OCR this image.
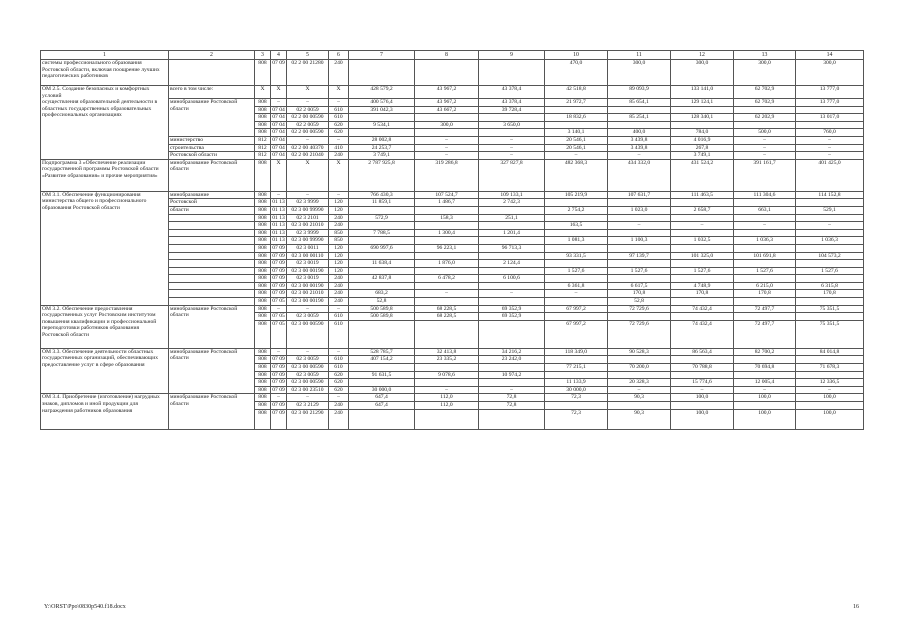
1	2	3	4	5	6	7	8	9	10	11	12	13	14
системы профессионального образования Ростовской области, включая поощрение лучших педагогических работников		808	07 09	02 2 00 21280	240				470,0	300,0	300,0	300,0	300,0

ОМ 2.5. Создание безопасных и комфортных условий
осуществления образовательной деятельности в областных государственных образовательных профессиональных организациях	всего в том числе:	X	X	X	X	428 579,2	43 967,2	43 378,4	42 518,8	89 093,9	133 141,0	62 702,9	13 777,0
	минобразование Ростовской области	808	–	–	–	400 576,4	43 967,2	43 378,4	21 972,7	85 654,1	129 124,1	62 702,9	13 777,0
		808	07 04	02 2 0059	610	391 042,3	43 667,2	39 728,4					
		808	07 04	02 2 00 00590	610				18 832,6	85 254,1	128 340,1	62 202,9	13 017,0
		808	07 04	02 2 0059	620	9 534,1	300,0	3 650,0					
		808	07 04	02 2 00 00590	620				3 140,1	400,0	784,0	500,0	760,0
	министерство	812	07 04	–	–	28 002,8	–	–	20 546,1	3 439,8	4 016,9	–	–
	строительства	812	07 04	02 2 00 40370	410	24 253,7	–	–	20 546,1	3 439,8	267,8	–	–
	Ростовской области	812	07 04	02 2 00 21040	240	3 749,1	–	–	–	–	3 749,1	–	–
Подпрограмма 3 «Обеспечение реализации государственной программы Ростовской области «Развитие образования» и прочие мероприятия»	минобразование Ростовской области	808	X	X	X	2 787 925,8	319 286,8	327 827,8	482 368,3	434 332,0	431 524,2	391 161,7	401 425,0
ОМ 3.1. Обеспечение функционирования министерства общего и профессионального образования Ростовской области	минобразование	808	–	–	–	766 430,3	107 524,7	109 133,1	105 219,9	107 631,7	111 463,5	111 304,6	114 152,8
	Ростовской	808	01 13	02 3 9999	120	11 859,1	1 486,7	2 742,3					
	области	808	01 13	02 3 00 99990	120				2 754,2	1 023,0	2 658,7	663,1	529,1
		808	01 13	02 3 2101	240	572,9	158,3	251,1					
		808	01 13	02 3 00 21010	240				163,5	–	–	–	–
		808	01 13	02 3 9999	850	7 788,5	1 300,4	1 201,4					
		808	01 13	02 3 00 99990	850				1 081,3	1 100,3	1 032,5	1 036,3	1 036,3
		808	07 09	02 3 0011	120	690 997,6	96 223,1	96 713,3					
		808	07 09	02 3 00 00110	120				93 331,5	97 139,7	101 325,0	101 691,8	104 573,2
		808	07 09	02 3 0019	120	11 638,4	1 876,0	2 124,4					
		808	07 09	02 3 00 00190	120				1 527,6	1 527,6	1 527,6	1 527,6	1 527,6
		808	07 09	02 3 0019	240	42 837,8	6 478,2	6 100,6					
		808	07 09	02 3 00 00190	240				6 361,8	6 617,5	4 748,9	6 215,0	6 315,8
		808	07 09	02 3 00 21010	240	683,2	–	–	–	170,8	170,8	170,8	170,8
		808	07 05	02 3 00 00190	240	52,8				52,8			
ОМ 3.2. Обеспечение предоставления государственных услуг Ростовским институтом повышения квалификации и профессиональной переподготовки работников образования Ростовской области	минобразование Ростовской области	808	–	–	–	500 589,8	68 228,5	69 352,9	67 997,2	72 729,6	74 432,4	72 497,7	75 351,5
		808	07 05	02 3 0059	610	500 589,8	68 228,5	69 352,9					
		808	07 05	02 3 00 00590	610				67 997,2	72 729,6	74 432,4	72 497,7	75 351,5
ОМ 3.3. Обеспечение деятельности областных государственных организаций, обеспечивающих предоставление услуг в сфере образования	минобразование Ростовской области	808	–	–	–	528 785,7	32 413,8	34 216,2	118 349,0	90 528,3	86 563,4	82 700,2	84 014,8
		808	07 09	02 3 0059	610	407 154,2	23 335,2	23 242,0					
		808	07 09	02 3 00 00590	610				77 215,1	70 200,0	70 788,8	70 694,8	71 678,3
		808	07 09	02 3 0059	620	91 631,5	9 078,6	10 974,2					
		808	07 09	02 3 00 00590	620				11 133,9	20 328,3	15 774,6	12 005,4	12 336,5
		808	07 09	02 3 00 23510	620	30 000,0	–	–	30 000,0	–	–	–	–
ОМ 3.4. Приобретение (изготовление) нагрудных знаков, дипломов и иной продукции для награждения работников образования	минобразование Ростовской области	808	–	–	–	647,4	112,0	72,8	72,3	90,3	100,0	100,0	100,0
		808	07 09	02 3 2129	240	647,4	112,0	72,8					
		808	07 09	02 3 00 21290	240				72,3	90,3	100,0	100,0	100,0
Y:\ORST\Ppo\0830p540.f18.docx	16
